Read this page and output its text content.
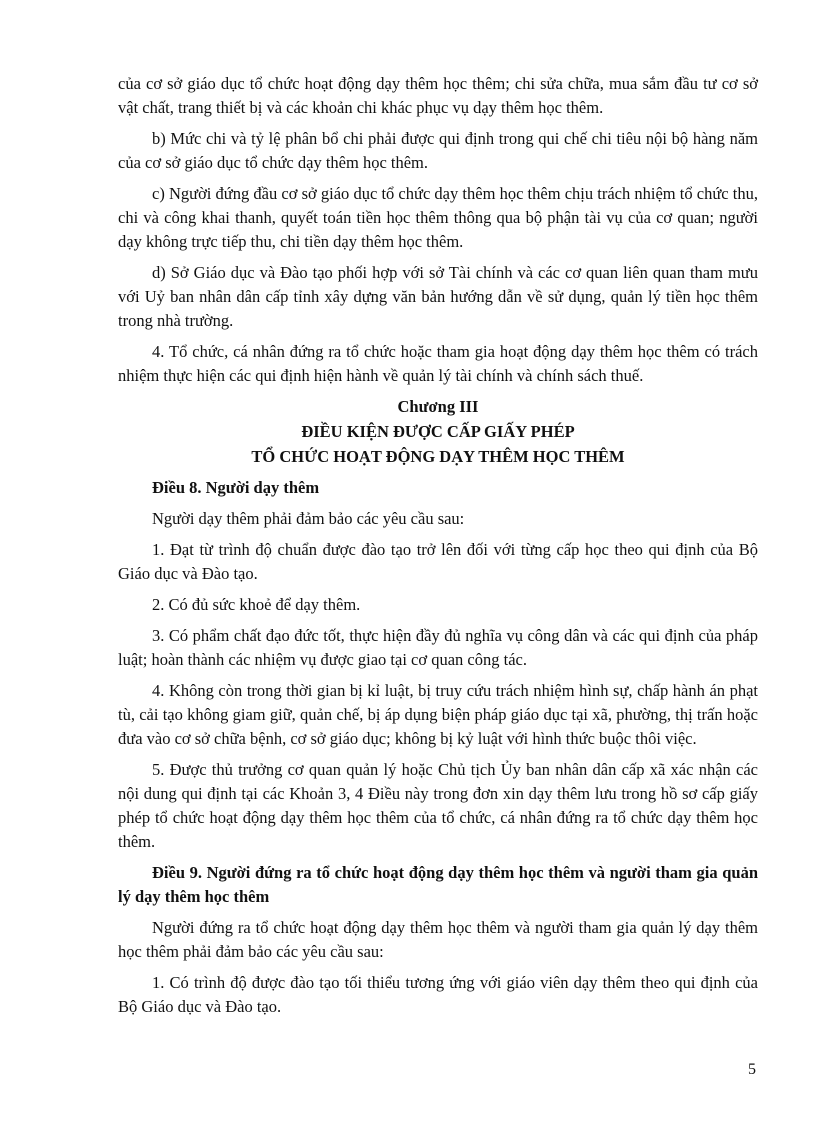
của cơ sở giáo dục tổ chức hoạt động dạy thêm học thêm; chi sửa chữa, mua sắm đầu tư cơ sở vật chất, trang thiết bị và các khoản chi khác phục vụ dạy thêm học thêm.

b) Mức chi và tỷ lệ phân bổ chi phải được qui định trong qui chế chi tiêu nội bộ hàng năm của cơ sở giáo dục tổ chức dạy thêm học thêm.

c) Người đứng đầu cơ sở giáo dục tổ chức dạy thêm học thêm chịu trách nhiệm tổ chức thu, chi và công khai thanh, quyết toán tiền học thêm thông qua bộ phận tài vụ của cơ quan; người dạy không trực tiếp thu, chi tiền dạy thêm học thêm.

d) Sở Giáo dục và Đào tạo phối hợp với sở Tài chính và các cơ quan liên quan tham mưu với Uỷ ban nhân dân cấp tỉnh xây dựng văn bản hướng dẫn về sử dụng, quản lý tiền học thêm trong nhà trường.

4. Tổ chức, cá nhân đứng ra tổ chức hoặc tham gia hoạt động dạy thêm học thêm có trách nhiệm thực hiện các qui định hiện hành về quản lý tài chính và chính sách thuế.

Chương III

ĐIỀU KIỆN ĐƯỢC CẤP GIẤY PHÉP

TỔ CHỨC HOẠT ĐỘNG DẠY THÊM HỌC THÊM

Điều 8. Người dạy thêm

Người dạy thêm phải đảm bảo các yêu cầu sau:

1. Đạt từ trình độ chuẩn được đào tạo trở lên đối với từng cấp học theo qui định của Bộ Giáo dục và Đào tạo.

2. Có đủ sức khoẻ để dạy thêm.

3. Có phẩm chất đạo đức tốt, thực hiện đầy đủ nghĩa vụ công dân và các qui định của pháp luật; hoàn thành các nhiệm vụ được giao tại cơ quan công tác.

4. Không còn trong thời gian bị kỉ luật, bị truy cứu trách nhiệm hình sự, chấp hành án phạt tù, cải tạo không giam giữ, quản chế, bị áp dụng biện pháp giáo dục tại xã, phường, thị trấn hoặc đưa vào cơ sở chữa bệnh, cơ sở giáo dục; không bị kỷ luật với hình thức buộc thôi việc.

5. Được thủ trưởng cơ quan quản lý hoặc Chủ tịch Ủy ban nhân dân cấp xã xác nhận các nội dung qui định tại các Khoản 3, 4 Điều này trong đơn xin dạy thêm lưu trong hồ sơ cấp giấy phép tổ chức hoạt động dạy thêm học thêm của tổ chức, cá nhân đứng ra tổ chức dạy thêm học thêm.

Điều 9. Người đứng ra tổ chức hoạt động dạy thêm học thêm và người tham gia quản lý dạy thêm học thêm

Người đứng ra tổ chức hoạt động dạy thêm học thêm và người tham gia quản lý dạy thêm học thêm phải đảm bảo các yêu cầu sau:

1. Có trình độ được đào tạo tối thiểu tương ứng với giáo viên dạy thêm theo qui định của Bộ Giáo dục và Đào tạo.

5
